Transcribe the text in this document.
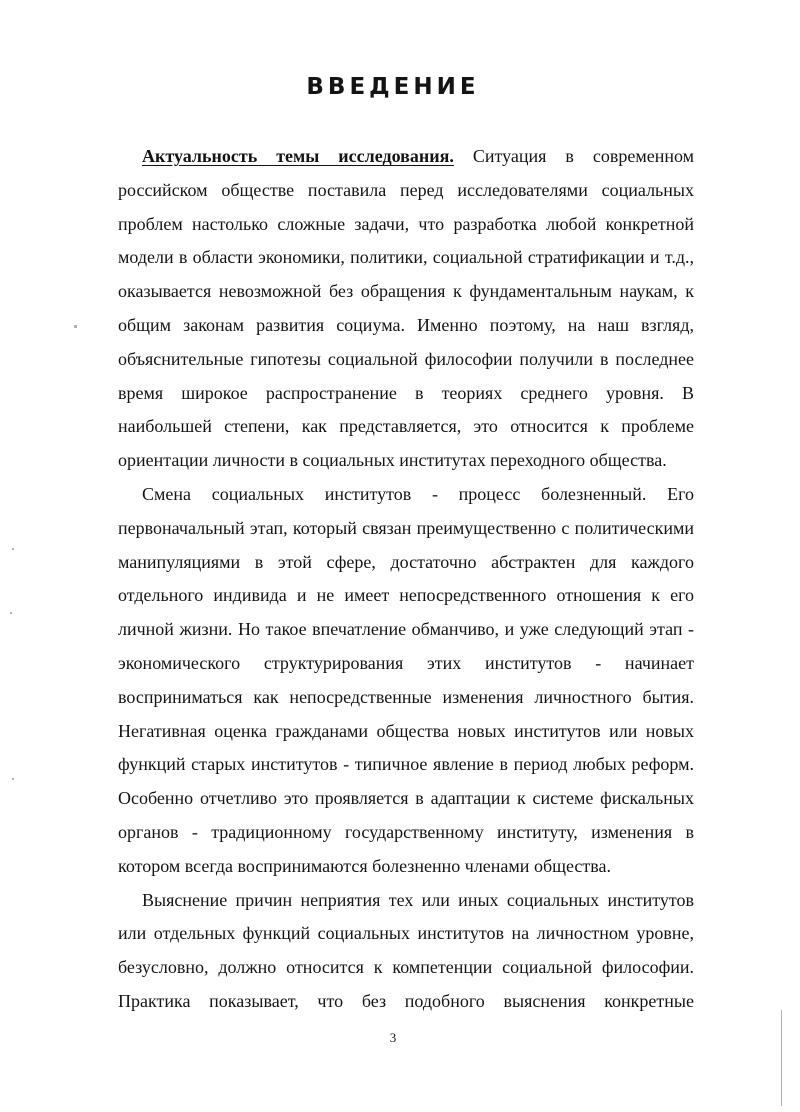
ВВЕДЕНИЕ

Актуальность темы исследования. Ситуация в современном российском обществе поставила перед исследователями социальных проблем настолько сложные задачи, что разработка любой конкретной модели в области экономики, политики, социальной стратификации и т.д., оказывается невозможной без обращения к фундаментальным наукам, к общим законам развития социума. Именно поэтому, на наш взгляд, объяснительные гипотезы социальной философии получили в последнее время широкое распространение в теориях среднего уровня. В наибольшей степени, как представляется, это относится к проблеме ориентации личности в социальных институтах переходного общества.

Смена социальных институтов - процесс болезненный. Его первоначальный этап, который связан преимущественно с политическими манипуляциями в этой сфере, достаточно абстрактен для каждого отдельного индивида и не имеет непосредственного отношения к его личной жизни. Но такое впечатление обманчиво, и уже следующий этап - экономического структурирования этих институтов - начинает восприниматься как непосредственные изменения личностного бытия. Негативная оценка гражданами общества новых институтов или новых функций старых институтов - типичное явление в период любых реформ. Особенно отчетливо это проявляется в адаптации к системе фискальных органов - традиционному государственному институту, изменения в котором всегда воспринимаются болезненно членами общества.

Выяснение причин неприятия тех или иных социальных институтов или отдельных функций социальных институтов на личностном уровне, безусловно, должно относится к компетенции социальной философии. Практика показывает, что без подобного выяснения конкретные

3
